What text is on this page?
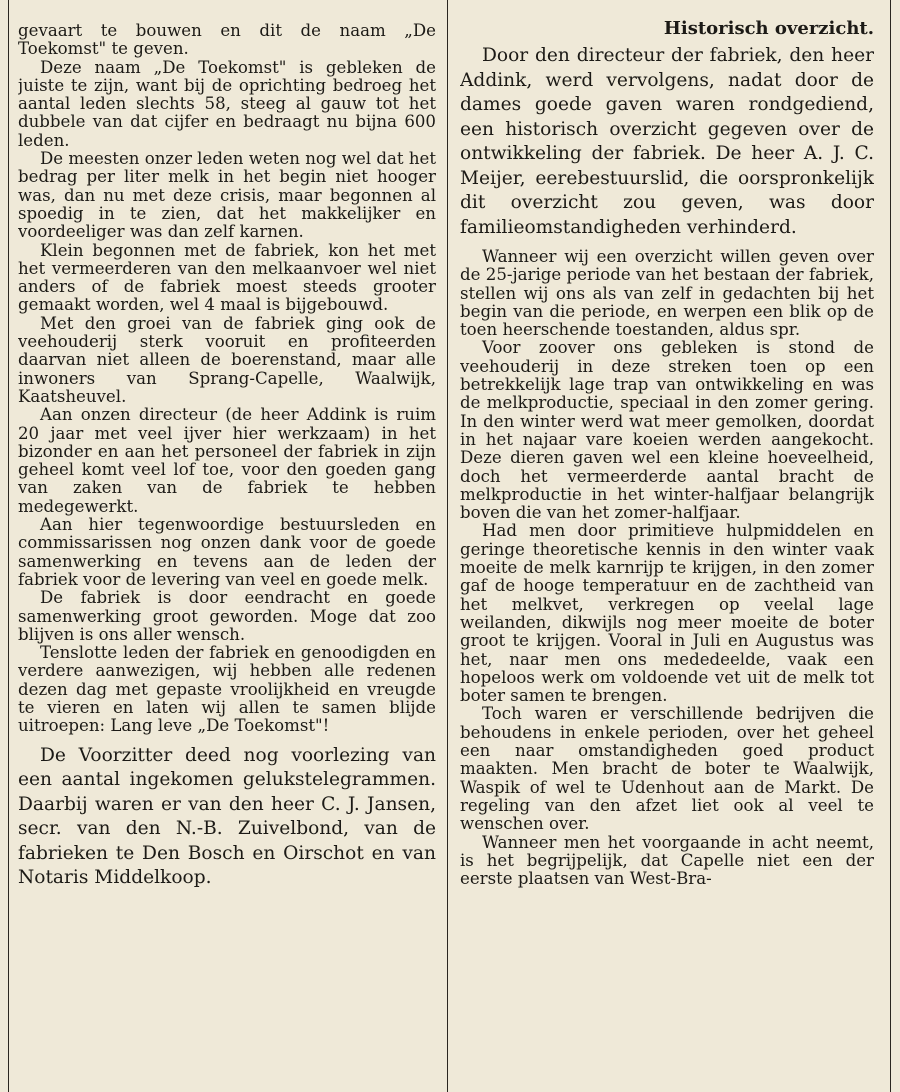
gevaart te bouwen en dit de naam „De Toekomst" te geven.

Deze naam „De Toekomst" is gebleken de juiste te zijn, want bij de oprichting bedroeg het aantal leden slechts 58, steeg al gauw tot het dubbele van dat cijfer en bedraagt nu bijna 600 leden.

De meesten onzer leden weten nog wel dat het bedrag per liter melk in het begin niet hooger was, dan nu met deze crisis, maar begonnen al spoedig in te zien, dat het makkelijker en voordeeliger was dan zelf karnen.

Klein begonnen met de fabriek, kon het met het vermeerderen van den melkaanvoer wel niet anders of de fabriek moest steeds grooter gemaakt worden, wel 4 maal is bijgebouwd.

Met den groei van de fabriek ging ook de veehouderij sterk vooruit en profiteerden daarvan niet alleen de boerenstand, maar alle inwoners van Sprang-Capelle, Waalwijk, Kaatsheuvel.

Aan onzen directeur (de heer Addink is ruim 20 jaar met veel ijver hier werkzaam) in het bizonder en aan het personeel der fabriek in zijn geheel komt veel lof toe, voor den goeden gang van zaken van de fabriek te hebben medegewerkt.

Aan hier tegenwoordige bestuursleden en commissarissen nog onzen dank voor de goede samenwerking en tevens aan de leden der fabriek voor de levering van veel en goede melk.

De fabriek is door eendracht en goede samenwerking groot geworden. Moge dat zoo blijven is ons aller wensch.

Tenslotte leden der fabriek en genoodigden en verdere aanwezigen, wij hebben alle redenen dezen dag met gepaste vroolijkheid en vreugde te vieren en laten wij allen te samen blijde uitroepen: Lang leve „De Toekomst"!

De Voorzitter deed nog voorlezing van een aantal ingekomen gelukstelegrammen. Daarbij waren er van den heer C. J. Jansen, secr. van den N.-B. Zuivelbond, van de fabrieken te Den Bosch en Oirschot en van Notaris Middelkoop.

Historisch overzicht.

Door den directeur der fabriek, den heer Addink, werd vervolgens, nadat door de dames goede gaven waren rondgediend, een historisch overzicht gegeven over de ontwikkeling der fabriek. De heer A. J. C. Meijer, eerebestuurslid, die oorspronkelijk dit overzicht zou geven, was door familieomstandigheden verhinderd.

Wanneer wij een overzicht willen geven over de 25-jarige periode van het bestaan der fabriek, stellen wij ons als van zelf in gedachten bij het begin van die periode, en werpen een blik op de toen heerschende toestanden, aldus spr.

Voor zoover ons gebleken is stond de veehouderij in deze streken toen op een betrekkelijk lage trap van ontwikkeling en was de melkproductie, speciaal in den zomer gering. In den winter werd wat meer gemolken, doordat in het najaar vare koeien werden aangekocht. Deze dieren gaven wel een kleine hoeveelheid, doch het vermeerderde aantal bracht de melkproductie in het winter-halfjaar belangrijk boven die van het zomer-halfjaar.

Had men door primitieve hulpmiddelen en geringe theoretische kennis in den winter vaak moeite de melk karnrijp te krijgen, in den zomer gaf de hooge temperatuur en de zachtheid van het melkvet, verkregen op veelal lage weilanden, dikwijls nog meer moeite de boter groot te krijgen. Vooral in Juli en Augustus was het, naar men ons mededeelde, vaak een hopeloos werk om voldoende vet uit de melk tot boter samen te brengen.

Toch waren er verschillende bedrijven die behoudens in enkele perioden, over het geheel een naar omstandigheden goed product maakten. Men bracht de boter te Waalwijk, Waspik of wel te Udenhout aan de Markt. De regeling van den afzet liet ook al veel te wenschen over.

Wanneer men het voorgaande in acht neemt, is het begrijpelijk, dat Capelle niet een der eerste plaatsen van West-Bra-
